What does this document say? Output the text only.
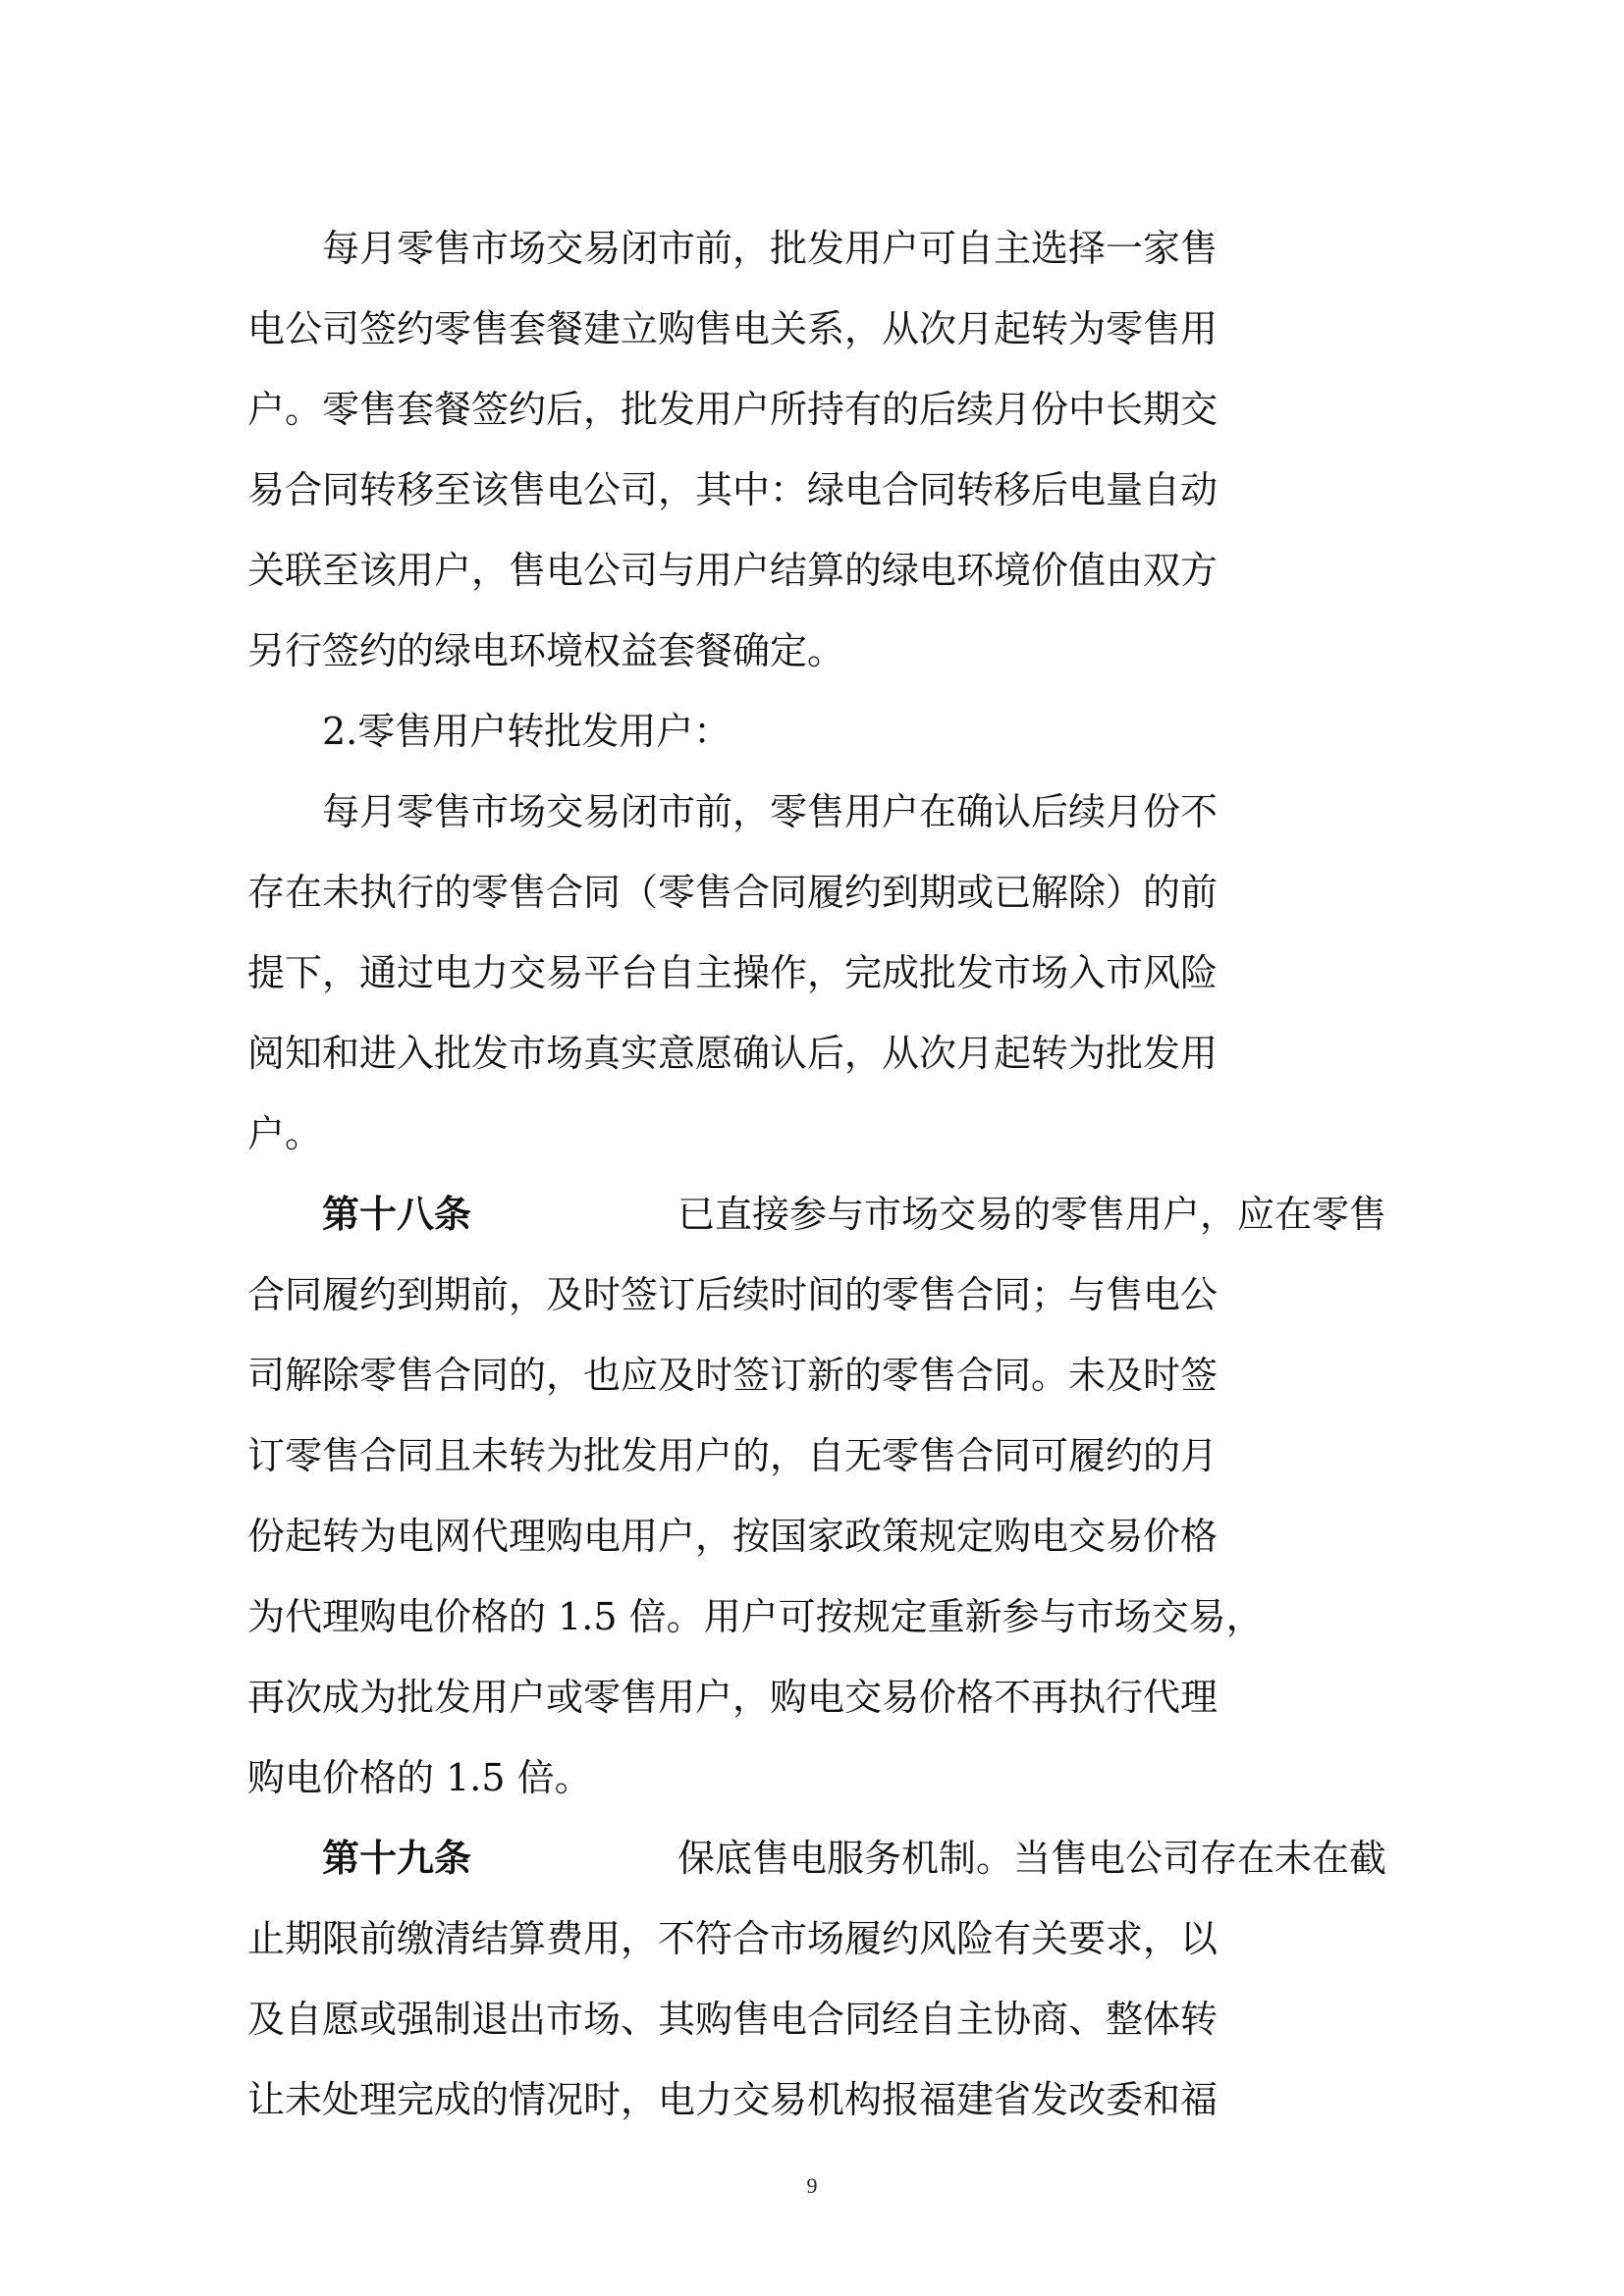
每月零售市场交易闭市前，批发用户可自主选择一家售
电公司签约零售套餐建立购售电关系，从次月起转为零售用
户。零售套餐签约后，批发用户所持有的后续月份中长期交
易合同转移至该售电公司，其中：绿电合同转移后电量自动
关联至该用户，售电公司与用户结算的绿电环境价值由双方
另行签约的绿电环境权益套餐确定。
2.零售用户转批发用户：
每月零售市场交易闭市前，零售用户在确认后续月份不
存在未执行的零售合同（零售合同履约到期或已解除）的前
提下，通过电力交易平台自主操作，完成批发市场入市风险
阅知和进入批发市场真实意愿确认后，从次月起转为批发用
户。
第十八条	已直接参与市场交易的零售用户，应在零售
合同履约到期前，及时签订后续时间的零售合同；与售电公
司解除零售合同的，也应及时签订新的零售合同。未及时签
订零售合同且未转为批发用户的，自无零售合同可履约的月
份起转为电网代理购电用户，按国家政策规定购电交易价格
为代理购电价格的 1.5 倍。用户可按规定重新参与市场交易，
再次成为批发用户或零售用户，购电交易价格不再执行代理
购电价格的 1.5 倍。
第十九条	保底售电服务机制。当售电公司存在未在截
止期限前缴清结算费用，不符合市场履约风险有关要求，以
及自愿或强制退出市场、其购售电合同经自主协商、整体转
让未处理完成的情况时，电力交易机构报福建省发改委和福
9
